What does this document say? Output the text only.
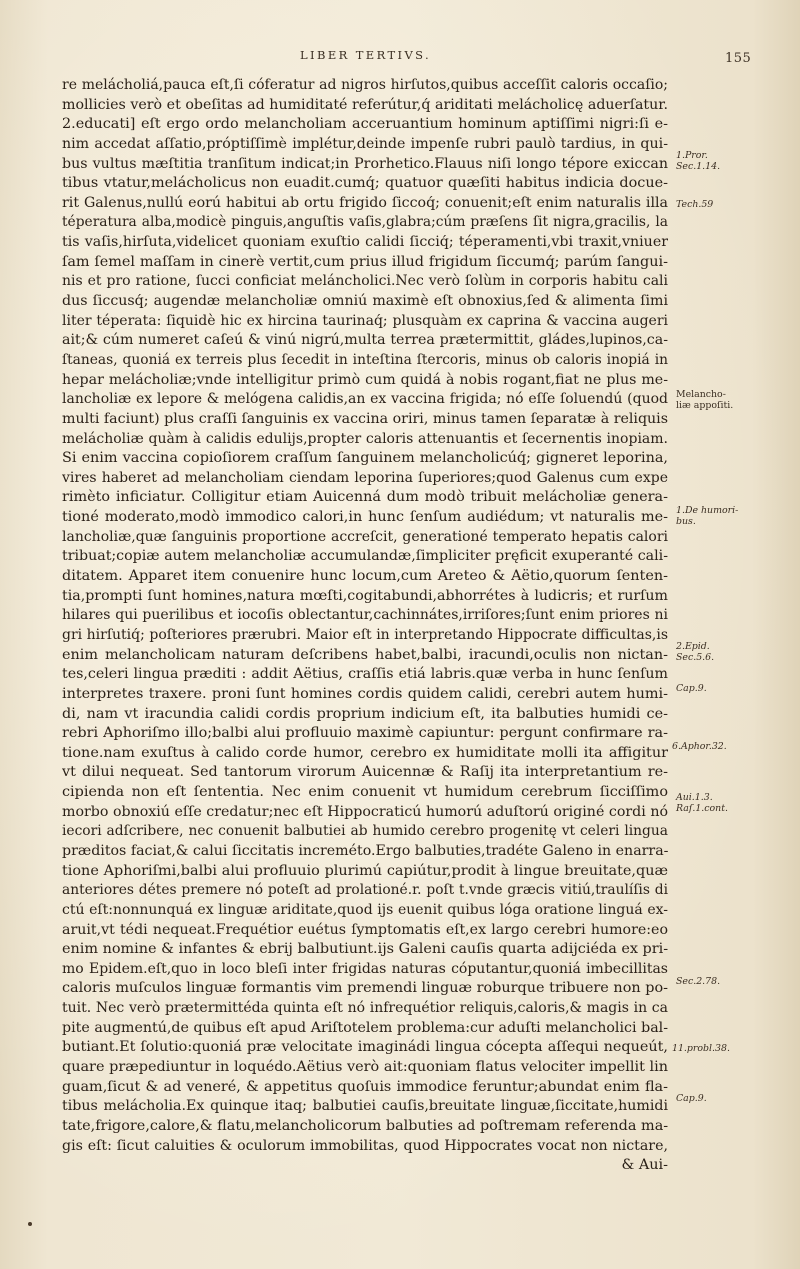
LIBER TERTIVS.	155
re melácholiá,pauca eſt,ſi cóferatur ad nigros hirſutos,quibus acceſſit caloris occaſio;
mollicies verò et obeſitas ad humiditaté referútur,q́ ariditati melácholicę aduerſatur.
2.educati] eſt ergo ordo melancholiam acceruantium hominum aptiſſimi nigri:ſi e-
nim accedat aſſatio,próptiſſimè implétur,deinde impenſe rubri paulò tardius, in qui-
bus vultus mæſtitia tranſitum indicat;in Prorhetico.Flauus niſi longo tépore exiccan
tibus vtatur,melácholicus non euadit.cumq́; quatuor quæſiti habitus indicia docue-
rit Galenus,nullú eorú habitui ab ortu frigido ſiccoq́; conuenit;eſt enim naturalis illa
téperatura alba,modicè pinguis,anguſtis vaſis,glabra;cúm præſens ſit nigra,gracilis, la
tis vaſis,hirſuta,videlicet quoniam exuſtio calidi ſicciq́; téperamenti,vbi traxit,vniuer
ſam ſemel maſſam in cinerè vertit,cum prius illud frigidum ſiccumq́; parúm ſangui-
nis et pro ratione, ſucci conficiat meláncholici.Nec verò ſolùm in corporis habitu cali
dus ſiccusq́; augendæ melancholiæ omniú maximè eſt obnoxius,ſed & alimenta ſimi
liter téperata: ſiquidè hic ex hircina taurinaq́; plusquàm ex caprina & vaccina augeri
ait;& cúm numeret caſeú & vinú nigrú,multa terrea prætermittit, gládes,lupinos,ca-
ſtaneas, quoniá ex terreis plus ſecedit in inteſtina ſtercoris, minus ob caloris inopiá in
hepar melácholiæ;vnde intelligitur primò cum quidá à nobis rogant,fiat ne plus me-
lancholiæ ex lepore & melógena calidis,an ex vaccina frigida; nó eſſe ſoluendú (quod
multi faciunt) plus craſſi ſanguinis ex vaccina oriri, minus tamen ſeparatæ à reliquis
melácholiæ quàm à calidis edulijs,propter caloris attenuantis et ſecernentis inopiam.
Si enim vaccina copioſiorem craſſum ſanguinem melancholicúq́; gigneret leporina,
vires haberet ad melancholiam ciendam leporina ſuperiores;quod Galenus cum expe
rimèto inficiatur. Colligitur etiam Auicenná dum modò tribuit melácholiæ genera-
tioné moderato,modò immodico calori,in hunc ſenſum audiédum; vt naturalis me-
lancholiæ,quæ ſanguinis proportione accreſcit, generationé temperato hepatis calori
tribuat;copiæ autem melancholiæ accumulandæ,ſimpliciter pręficit exuperanté cali-
ditatem. Apparet item conuenire hunc locum,cum Areteo & Aëtio,quorum ſenten-
tia,prompti ſunt homines,natura mœſti,cogitabundi,abhorrétes à ludicris; et rurſum
hilares qui puerilibus et iocoſis oblectantur,cachinnátes,irriſores;ſunt enim priores ni
gri hirſutiq́; poſteriores prærubri. Maior eſt in interpretando Hippocrate difficultas,is
enim melancholicam naturam deſcribens habet,balbi, iracundi,oculis non nictan-
tes,celeri lingua præditi : addit Aëtius, craſſis etiá labris.quæ verba in hunc ſenſum
interpretes traxere. proni ſunt homines cordis quidem calidi, cerebri autem humi-
di, nam vt iracundia calidi cordis proprium indicium eſt, ita balbuties humidi ce-
rebri Aphoriſmo illo;balbi alui profluuio maximè capiuntur: pergunt confirmare ra-
tione.nam exuſtus à calido corde humor, cerebro ex humiditate molli ita affigitur
vt dilui nequeat. Sed tantorum virorum Auicennæ & Raſij ita interpretantium re-
cipienda non eſt ſententia. Nec enim conuenit vt humidum cerebrum ſicciſſimo
morbo obnoxiú eſſe credatur;nec eſt Hippocraticú humorú aduſtorú originé cordi nó
iecori adſcribere, nec conuenit balbutiei ab humido cerebro progenitę vt celeri lingua
præditos faciat,& calui ſiccitatis increméto.Ergo balbuties,tradéte Galeno in enarra-
tione Aphoriſmi,balbi alui profluuio plurimú capiútur,prodit à lingue breuitate,quæ
anteriores détes premere nó poteſt ad prolationé.r. poſt t.vnde græcis vitiú,traulíſis di
ctú eſt:nonnunquá ex linguæ ariditate,quod ijs euenit quibus lóga oratione linguá ex-
aruit,vt tédi nequeat.Frequétior euétus ſymptomatis eſt,ex largo cerebri humore:eo
enim nomine & infantes & ebrij balbutiunt.ijs Galeni cauſis quarta adijciéda ex pri-
mo Epidem.eſt,quo in loco bleſi inter frigidas naturas cóputantur,quoniá imbecillitas
caloris muſculos linguæ formantis vim premendi linguæ roburque tribuere non po-
tuit. Nec verò prætermittéda quinta eſt nó infrequétior reliquis,caloris,& magis in ca
pite augmentú,de quibus eſt apud Ariſtotelem problema:cur aduſti melancholici bal-
butiant.Et ſolutio:quoniá præ velocitate imaginádi lingua cócepta aſſequi nequeút,
quare præpediuntur in loquédo.Aëtius verò ait:quoniam flatus velociter impellit lin
guam,ſicut & ad veneré, & appetitus quoſuis immodice feruntur;abundat enim fla-
tibus melácholia.Ex quinque itaq; balbutiei cauſis,breuitate linguæ,ſiccitate,humidi
tate,frigore,calore,& flatu,melancholicorum balbuties ad poſtremam referenda ma-
gis eſt: ſicut caluities & oculorum immobilitas, quod Hippocrates vocat non nictare,
& Aui-
1.Pror.
Sec.1.14.
Tech.59
Melancho-
liæ appoſiti.
1.De humori-
bus.
2.Epid.
Sec.5.6.
Cap.9.
6.Aphor.32.
Aui.1.3.
Raſ.1.cont.
Sec.2.78.
11.probl.38.
Cap.9.
